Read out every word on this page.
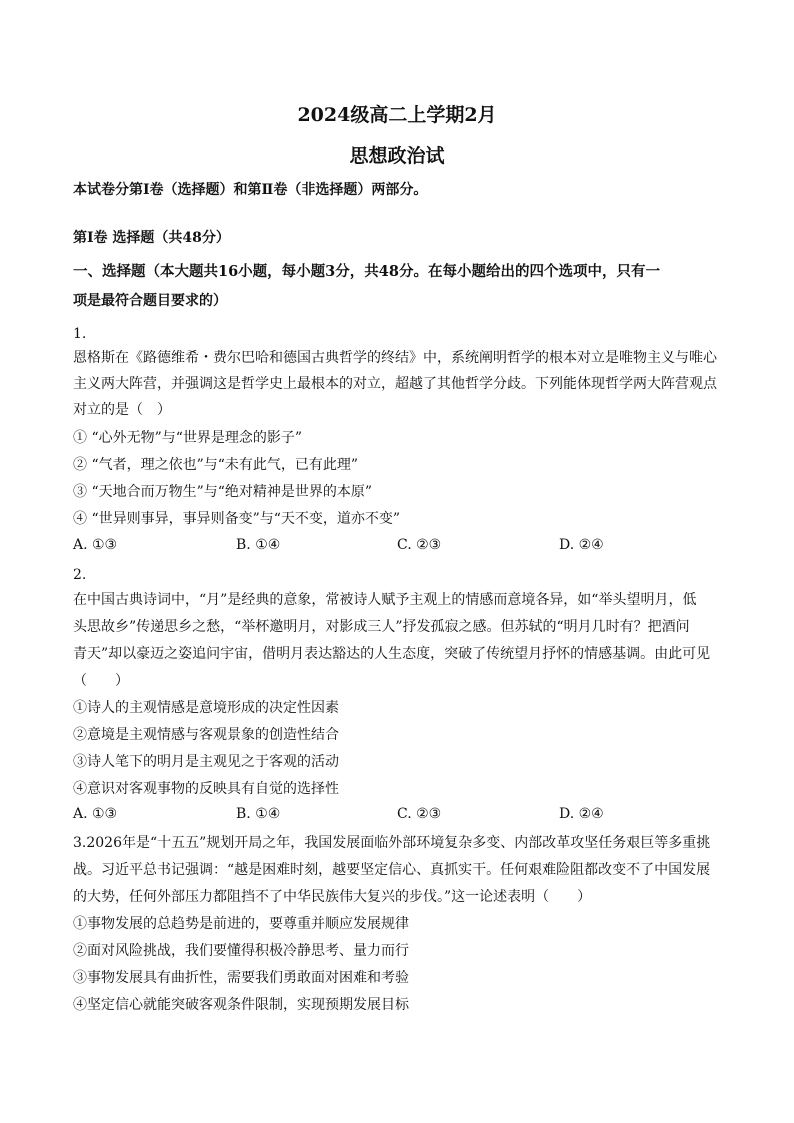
2024级高二上学期2月
思想政治试
本试卷分第Ⅰ卷（选择题）和第Ⅱ卷（非选择题）两部分。
第Ⅰ卷 选择题（共48分）
一、选择题（本大题共16小题，每小题3分，共48分。在每小题给出的四个选项中，只有一
项是最符合题目要求的）
1.
恩格斯在《路德维希・费尔巴哈和德国古典哲学的终结》中，系统阐明哲学的根本对立是唯物主义与唯心
主义两大阵营，并强调这是哲学史上最根本的对立，超越了其他哲学分歧。下列能体现哲学两大阵营观点
对立的是（　）
① “心外无物”与“世界是理念的影子”
② “气者，理之依也”与“未有此气，已有此理”
③ “天地合而万物生”与“绝对精神是世界的本原”
④ “世异则事异，事异则备变”与“天不变，道亦不变”
A. ①③	B. ①④	C. ②③	D. ②④
2.
在中国古典诗词中，“月”是经典的意象，常被诗人赋予主观上的情感而意境各异，如“举头望明月，低
头思故乡”传递思乡之愁，“举杯邀明月，对影成三人”抒发孤寂之感。但苏轼的“明月几时有？把酒问
青天”却以豪迈之姿追问宇宙，借明月表达豁达的人生态度，突破了传统望月抒怀的情感基调。由此可见
（　　）
①诗人的主观情感是意境形成的决定性因素
②意境是主观情感与客观景象的创造性结合
③诗人笔下的明月是主观见之于客观的活动
④意识对客观事物的反映具有自觉的选择性
A. ①③	B. ①④	C. ②③	D. ②④
3.2026年是“十五五”规划开局之年，我国发展面临外部环境复杂多变、内部改革攻坚任务艰巨等多重挑
战。习近平总书记强调：“越是困难时刻，越要坚定信心、真抓实干。任何艰难险阻都改变不了中国发展
的大势，任何外部压力都阻挡不了中华民族伟大复兴的步伐。”这一论述表明（　　）
①事物发展的总趋势是前进的，要尊重并顺应发展规律
②面对风险挑战，我们要懂得积极冷静思考、量力而行
③事物发展具有曲折性，需要我们勇敢面对困难和考验
④坚定信心就能突破客观条件限制，实现预期发展目标
